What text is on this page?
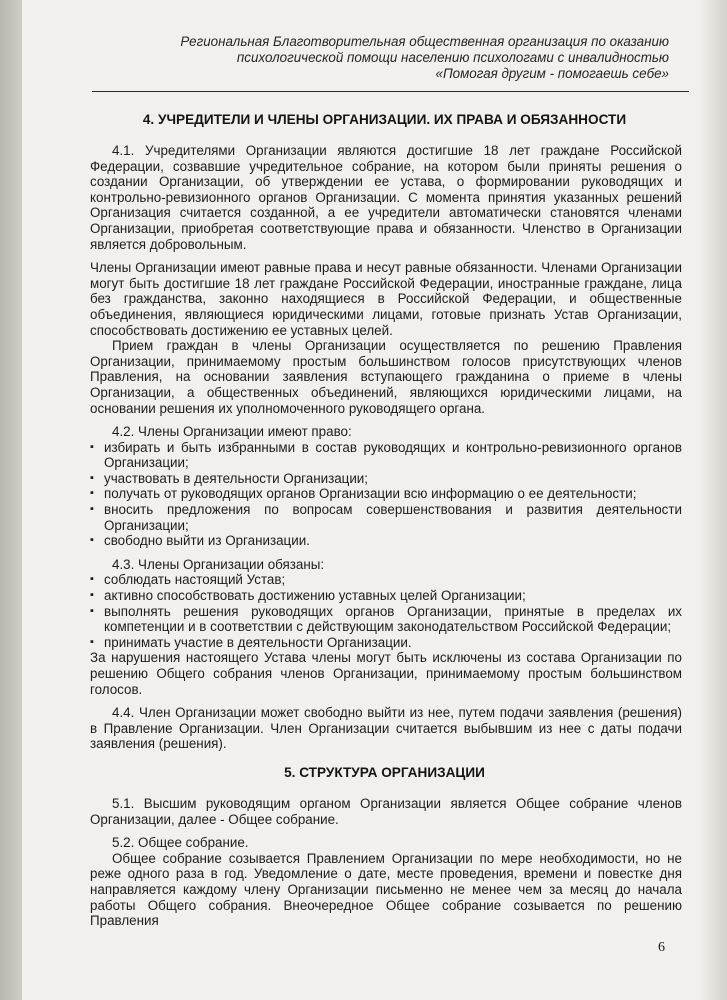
Региональная Благотворительная общественная организация по оказанию
психологической помощи населению психологами с инвалидностью
«Помогая другим - помогаешь себе»
4. УЧРЕДИТЕЛИ И ЧЛЕНЫ ОРГАНИЗАЦИИ. ИХ ПРАВА И ОБЯЗАННОСТИ

4.1. Учредителями Организации являются достигшие 18 лет граждане Российской Федерации, созвавшие учредительное собрание, на котором были приняты решения о создании Организации, об утверждении ее устава, о формировании руководящих и контрольно-ревизионного органов Организации. С момента принятия указанных решений Организация считается созданной, а ее учредители автоматически становятся членами Организации, приобретая соответствующие права и обязанности. Членство в Организации является добровольным.

Члены Организации имеют равные права и несут равные обязанности. Членами Организации могут быть достигшие 18 лет граждане Российской Федерации, иностранные граждане, лица без гражданства, законно находящиеся в Российской Федерации, и общественные объединения, являющиеся юридическими лицами, готовые признать Устав Организации, способствовать достижению ее уставных целей.

Прием граждан в члены Организации осуществляется по решению Правления Организации, принимаемому простым большинством голосов присутствующих членов Правления, на основании заявления вступающего гражданина о приеме в члены Организации, а общественных объединений, являющихся юридическими лицами, на основании решения их уполномоченного руководящего органа.

4.2. Члены Организации имеют право:

▪ избирать и быть избранными в состав руководящих и контрольно-ревизионного органов Организации;
▪ участвовать в деятельности Организации;
▪ получать от руководящих органов Организации всю информацию о ее деятельности;
▪ вносить предложения по вопросам совершенствования и развития деятельности Организации;
▪ свободно выйти из Организации.

4.3. Члены Организации обязаны:

▪ соблюдать настоящий Устав;
▪ активно способствовать достижению уставных целей Организации;
▪ выполнять решения руководящих органов Организации, принятые в пределах их компетенции и в соответствии с действующим законодательством Российской Федерации;
▪ принимать участие в деятельности Организации.

За нарушения настоящего Устава члены могут быть исключены из состава Организации по решению Общего собрания членов Организации, принимаемому простым большинством голосов.

4.4. Член Организации может свободно выйти из нее, путем подачи заявления (решения) в Правление Организации. Член Организации считается выбывшим из нее с даты подачи заявления (решения).

5. СТРУКТУРА ОРГАНИЗАЦИИ

5.1. Высшим руководящим органом Организации является Общее собрание членов Организации, далее - Общее собрание.

5.2. Общее собрание.

Общее собрание созывается Правлением Организации по мере необходимости, но не реже одного раза в год. Уведомление о дате, месте проведения, времени и повестке дня направляется каждому члену Организации письменно не менее чем за месяц до начала работы Общего собрания. Внеочередное Общее собрание созывается по решению Правления

6
